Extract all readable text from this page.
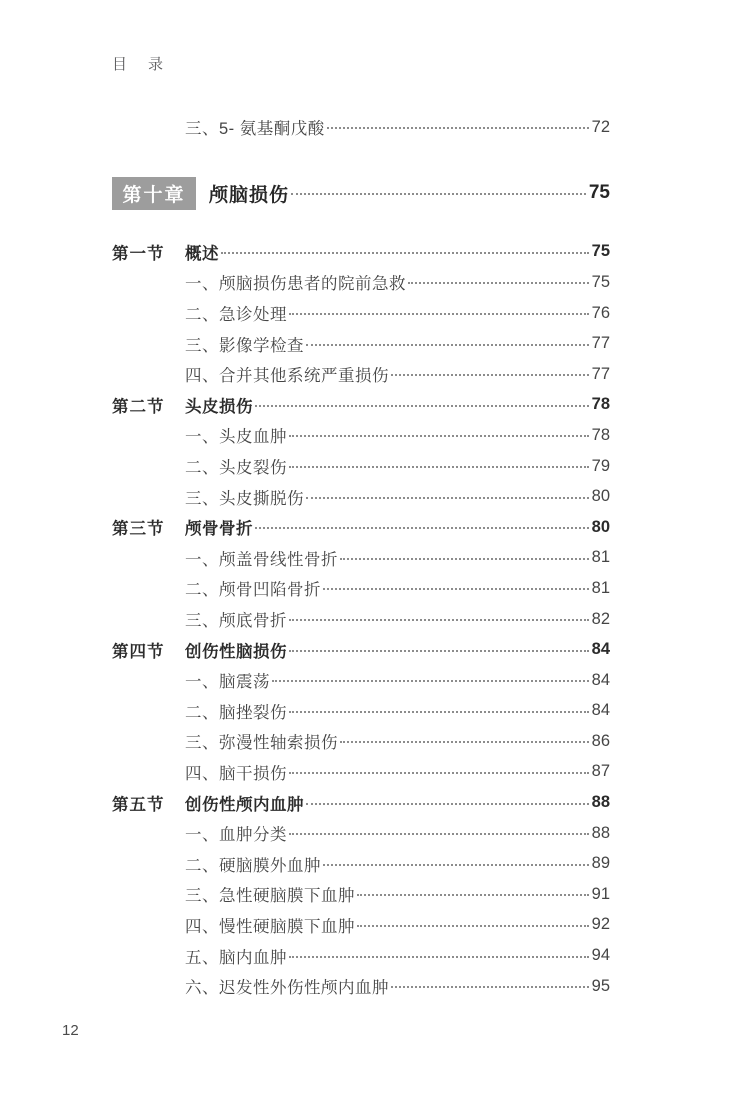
目　录
三、5- 氨基酮戊酸	72
第十章	颅脑损伤	75
第一节	概述	75
一、颅脑损伤患者的院前急救	75
二、急诊处理	76
三、影像学检查	77
四、合并其他系统严重损伤	77
第二节	头皮损伤	78
一、头皮血肿	78
二、头皮裂伤	79
三、头皮撕脱伤	80
第三节	颅骨骨折	80
一、颅盖骨线性骨折	81
二、颅骨凹陷骨折	81
三、颅底骨折	82
第四节	创伤性脑损伤	84
一、脑震荡	84
二、脑挫裂伤	84
三、弥漫性轴索损伤	86
四、脑干损伤	87
第五节	创伤性颅内血肿	88
一、血肿分类	88
二、硬脑膜外血肿	89
三、急性硬脑膜下血肿	91
四、慢性硬脑膜下血肿	92
五、脑内血肿	94
六、迟发性外伤性颅内血肿	95
12
